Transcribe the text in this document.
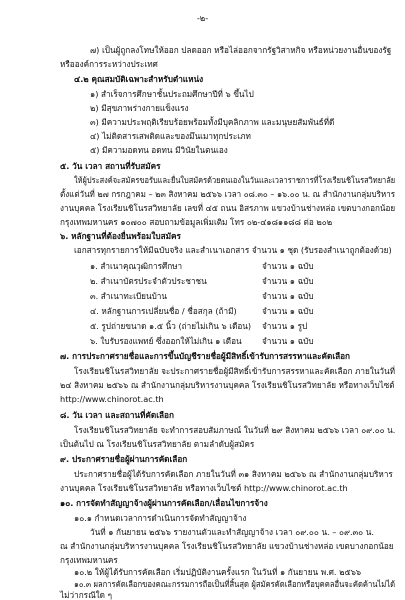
-๒-
๗) เป็นผู้ถูกลงโทษให้ออก ปลดออก หรือไล่ออกจากรัฐวิสาหกิจ หรือหน่วยงานอื่นของรัฐ
หรือองค์การระหว่างประเทศ
๔.๒ คุณสมบัติเฉพาะสำหรับตำแหน่ง
๑) สำเร็จการศึกษาชั้นประถมศึกษาปีที่ ๖ ขึ้นไป
๒) มีสุขภาพร่างกายแข็งแรง
๓) มีความประพฤติเรียบร้อยพร้อมทั้งมีบุคลิกภาพ และมนุษยสัมพันธ์ที่ดี
๔) ไม่ติดสารเสพติดและของมึนเมาทุกประเภท
๕) มีความอดทน อดทน มีวินัยในตนเอง
๕. วัน เวลา สถานที่รับสมัคร
ให้ผู้ประสงค์จะสมัครขอรับและยื่นใบสมัครด้วยตนเองในวันและเวลาราชการที่โรงเรียนชิโนรสวิทยาลัย
ตั้งแต่วันที่ ๒๗ กรกฎาคม – ๒๓ สิงหาคม ๒๕๖๖ เวลา ๐๘.๓๐ – ๑๖.๐๐ น. ณ สำนักงานกลุ่มบริหาร
งานบุคคล โรงเรียนชิโนรสวิทยาลัย เลขที่ ๔๕ ถนน อิสรภาพ แขวงบ้านช่างหล่อ เขตบางกอกน้อย
กรุงเทพมหานคร ๑๐๗๐๐ สอบถามข้อมูลเพิ่มเติม โทร ๐๒-๔๑๘๑๑๘๘ ต่อ ๒๐๒
๖. หลักฐานที่ต้องยื่นพร้อมใบสมัคร
เอกสารทุกรายการให้มีฉบับจริง และสำเนาเอกสาร จำนวน ๑ ชุด (รับรองสำเนาถูกต้องด้วย)
๑. สำเนาคุณวุฒิการศึกษา	จำนวน ๑ ฉบับ
๒. สำเนาบัตรประจำตัวประชาชน	จำนวน ๑ ฉบับ
๓. สำเนาทะเบียนบ้าน	จำนวน ๑ ฉบับ
๔. หลักฐานการเปลี่ยนชื่อ / ชื่อสกุล (ถ้ามี)	จำนวน ๑ ฉบับ
๕. รูปถ่ายขนาด ๑.๕ นิ้ว (ถ่ายไม่เกิน ๖ เดือน) จำนวน ๑ รูป
๖. ใบรับรองแพทย์ ซึ่งออกให้ไม่เกิน ๑ เดือน จำนวน ๑ ฉบับ
๗. การประกาศรายชื่อและการขึ้นบัญชีรายชื่อผู้มีสิทธิ์เข้ารับการสรรหาและคัดเลือก
โรงเรียนชิโนรสวิทยาลัย จะประกาศรายชื่อผู้มีสิทธิ์เข้ารับการสรรหาและคัดเลือก ภายในวันที่
๒๔ สิงหาคม ๒๕๖๖ ณ สำนักงานกลุ่มบริหารงานบุคคล โรงเรียนชิโนรสวิทยาลัย หรือทางเว็บไซต์
http://www.chinorot.ac.th
๘. วัน เวลา และสถานที่คัดเลือก
โรงเรียนชิโนรสวิทยาลัย จะทำการสอบสัมภาษณ์ ในวันที่ ๒๙ สิงหาคม ๒๕๖๖ เวลา ๐๙.๐๐ น.
เป็นต้นไป ณ โรงเรียนชิโนรสวิทยาลัย ตามลำดับผู้สมัคร
๙. ประกาศรายชื่อผู้ผ่านการคัดเลือก
ประกาศรายชื่อผู้ได้รับการคัดเลือก ภายในวันที่ ๓๑ สิงหาคม ๒๕๖๖ ณ สำนักงานกลุ่มบริหาร
งานบุคคล โรงเรียนชิโนรสวิทยาลัย หรือทางเว็บไซต์ http://www.chinorot.ac.th
๑๐. การจัดทำสัญญาจ้างผู้ผ่านการคัดเลือก/เลื่อนไขการจ้าง
๑๐.๑ กำหนดเวลาการดำเนินการจัดทำสัญญาจ้าง
วันที่ ๑ กันยายน ๒๕๖๖ รายงานตัวและทำสัญญาจ้าง เวลา ๐๙.๐๐ น. – ๐๙.๓๐ น.
ณ สำนักงานกลุ่มบริหารงานบุคคล โรงเรียนชิโนรสวิทยาลัย แขวงบ้านช่างหล่อ เขตบางกอกน้อย
กรุงเทพมหานคร
๑๐.๒ ให้ผู้ได้รับการคัดเลือก เริ่มปฏิบัติงานครั้งแรก ในวันที่ ๑ กันยายน พ.ศ. ๒๕๖๖
๑๐.๓ ผลการคัดเลือกของคณะกรรมการถือเป็นที่สิ้นสุด ผู้สมัครคัดเลือกหรือบุคคลอื่นจะคัดค้านไม่ได้
ไม่ว่ากรณีใด ๆ
